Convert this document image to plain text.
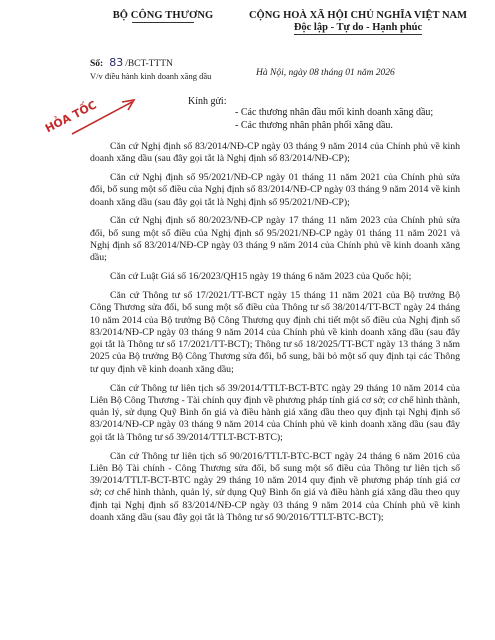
BỘ CÔNG THƯƠNG	CỘNG HOÀ XÃ HỘI CHỦ NGHĨA VIỆT NAM
Độc lập - Tự do - Hạnh phúc
Số: 83 /BCT-TTTN
V/v điều hành kinh doanh xăng dầu	Hà Nội, ngày 08 tháng 01 năm 2026
HỎA TỐC	Kính gửi:
- Các thương nhân đầu mối kinh doanh xăng dầu;
- Các thương nhân phân phối xăng dầu.

Căn cứ Nghị định số 83/2014/NĐ-CP ngày 03 tháng 9 năm 2014 của Chính phủ về kinh doanh xăng dầu (sau đây gọi tắt là Nghị định số 83/2014/NĐ-CP);

Căn cứ Nghị định số 95/2021/NĐ-CP ngày 01 tháng 11 năm 2021 của Chính phủ sửa đổi, bổ sung một số điều của Nghị định số 83/2014/NĐ-CP ngày 03 tháng 9 năm 2014 về kinh doanh xăng dầu (sau đây gọi tắt là Nghị định số 95/2021/NĐ-CP);

Căn cứ Nghị định số 80/2023/NĐ-CP ngày 17 tháng 11 năm 2023 của Chính phủ sửa đổi, bổ sung một số điều của Nghị định số 95/2021/NĐ-CP ngày 01 tháng 11 năm 2021 và Nghị định số 83/2014/NĐ-CP ngày 03 tháng 9 năm 2014 của Chính phủ về kinh doanh xăng dầu;

Căn cứ Luật Giá số 16/2023/QH15 ngày 19 tháng 6 năm 2023 của Quốc hội;

Căn cứ Thông tư số 17/2021/TT-BCT ngày 15 tháng 11 năm 2021 của Bộ trưởng Bộ Công Thương sửa đổi, bổ sung một số điều của Thông tư số 38/2014/TT-BCT ngày 24 tháng 10 năm 2014 của Bộ trưởng Bộ Công Thương quy định chi tiết một số điều của Nghị định số 83/2014/NĐ-CP ngày 03 tháng 9 năm 2014 của Chính phủ về kinh doanh xăng dầu (sau đây gọi tắt là Thông tư số 17/2021/TT-BCT); Thông tư số 18/2025/TT-BCT ngày 13 tháng 3 năm 2025 của Bộ trưởng Bộ Công Thương sửa đổi, bổ sung, bãi bỏ một số quy định tại các Thông tư quy định về kinh doanh xăng dầu;

Căn cứ Thông tư liên tịch số 39/2014/TTLT-BCT-BTC ngày 29 tháng 10 năm 2014 của Liên Bộ Công Thương - Tài chính quy định về phương pháp tính giá cơ sở; cơ chế hình thành, quản lý, sử dụng Quỹ Bình ổn giá và điều hành giá xăng dầu theo quy định tại Nghị định số 83/2014/NĐ-CP ngày 03 tháng 9 năm 2014 của Chính phủ về kinh doanh xăng dầu (sau đây gọi tắt là Thông tư số 39/2014/TTLT-BCT-BTC);

Căn cứ Thông tư liên tịch số 90/2016/TTLT-BTC-BCT ngày 24 tháng 6 năm 2016 của Liên Bộ Tài chính - Công Thương sửa đổi, bổ sung một số điều của Thông tư liên tịch số 39/2014/TTLT-BCT-BTC ngày 29 tháng 10 năm 2014 quy định về phương pháp tính giá cơ sở; cơ chế hình thành, quản lý, sử dụng Quỹ Bình ổn giá và điều hành giá xăng dầu theo quy định tại Nghị định số 83/2014/NĐ-CP ngày 03 tháng 9 năm 2014 của Chính phủ về kinh doanh xăng dầu (sau đây gọi tắt là Thông tư số 90/2016/TTLT-BTC-BCT);
